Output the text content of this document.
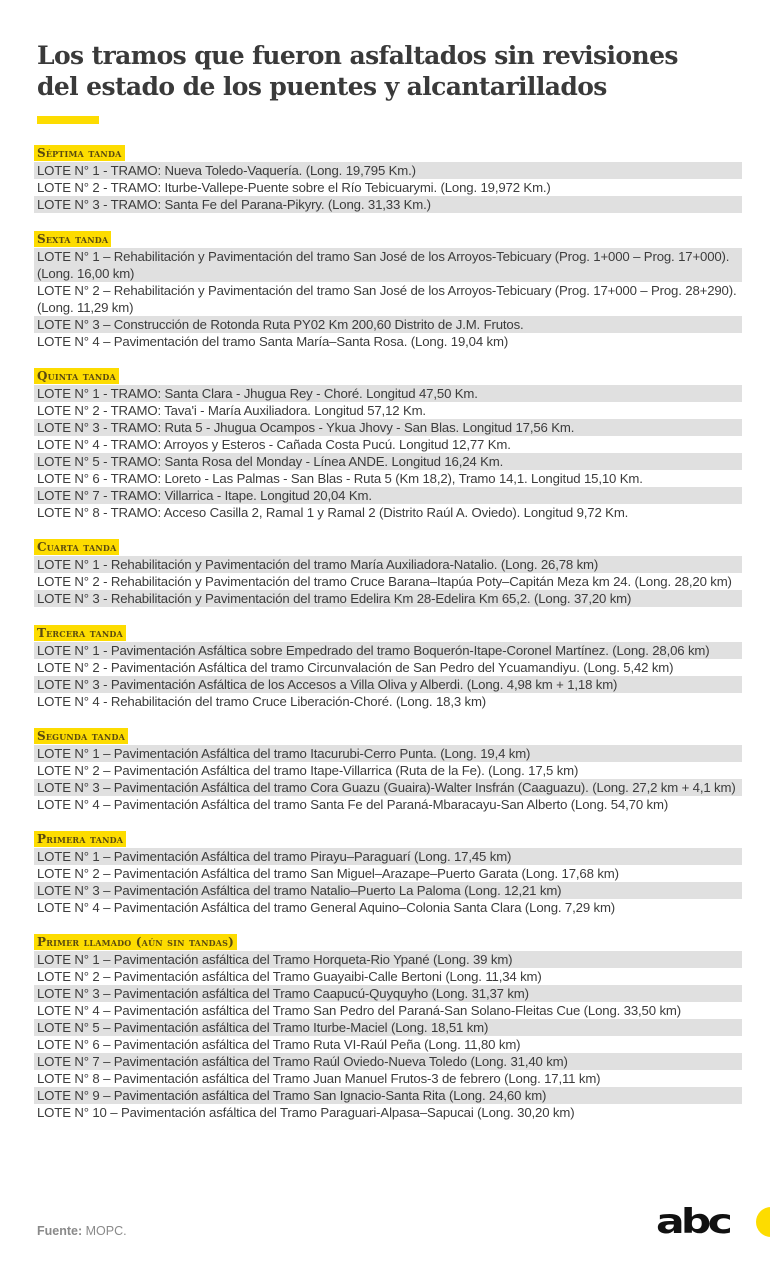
Los tramos que fueron asfaltados sin revisiones
del estado de los puentes y alcantarillados
Séptima tanda
LOTE N° 1 - TRAMO: Nueva Toledo-Vaquería. (Long. 19,795 Km.)
LOTE N° 2 - TRAMO: Iturbe-Vallepe-Puente sobre el Río Tebicuarymi. (Long. 19,972 Km.)
LOTE N° 3 - TRAMO: Santa Fe del Parana-Pikyry. (Long. 31,33 Km.)
Sexta tanda
LOTE N° 1 – Rehabilitación y Pavimentación del tramo San José de los Arroyos-Tebicuary (Prog. 1+000 – Prog. 17+000). (Long. 16,00 km)
LOTE N° 2 – Rehabilitación y Pavimentación del tramo San José de los Arroyos-Tebicuary (Prog. 17+000 – Prog. 28+290). (Long. 11,29 km)
LOTE N° 3 – Construcción de Rotonda Ruta PY02 Km 200,60 Distrito de J.M. Frutos.
LOTE N° 4 – Pavimentación del tramo Santa María–Santa Rosa. (Long. 19,04 km)
Quinta tanda
LOTE N° 1 - TRAMO: Santa Clara - Jhugua Rey - Choré. Longitud 47,50 Km.
LOTE N° 2 - TRAMO: Tava'i - María Auxiliadora. Longitud 57,12 Km.
LOTE N° 3 - TRAMO: Ruta 5 - Jhugua Ocampos - Ykua Jhovy - San Blas. Longitud 17,56 Km.
LOTE N° 4 - TRAMO: Arroyos y Esteros - Cañada Costa Pucú. Longitud 12,77 Km.
LOTE N° 5 - TRAMO: Santa Rosa del Monday - Línea ANDE. Longitud 16,24 Km.
LOTE N° 6 - TRAMO: Loreto - Las Palmas - San Blas - Ruta 5 (Km 18,2), Tramo 14,1. Longitud 15,10 Km.
LOTE N° 7 - TRAMO: Villarrica - Itape. Longitud 20,04 Km.
LOTE N° 8 - TRAMO: Acceso Casilla 2, Ramal 1 y Ramal 2 (Distrito Raúl A. Oviedo). Longitud 9,72 Km.
Cuarta tanda
LOTE N° 1 - Rehabilitación y Pavimentación del tramo María Auxiliadora-Natalio. (Long. 26,78 km)
LOTE N° 2 - Rehabilitación y Pavimentación del tramo Cruce Barana–Itapúa Poty–Capitán Meza km 24. (Long. 28,20 km)
LOTE N° 3 - Rehabilitación y Pavimentación del tramo Edelira Km 28-Edelira Km 65,2. (Long. 37,20 km)
Tercera tanda
LOTE N° 1 - Pavimentación Asfáltica sobre Empedrado del tramo Boquerón-Itape-Coronel Martínez. (Long. 28,06 km)
LOTE N° 2 - Pavimentación Asfáltica del tramo Circunvalación de San Pedro del Ycuamandiyu. (Long. 5,42 km)
LOTE N° 3 - Pavimentación Asfáltica de los Accesos a Villa Oliva y Alberdi. (Long. 4,98 km + 1,18 km)
LOTE N° 4 - Rehabilitación del tramo Cruce Liberación-Choré. (Long. 18,3 km)
Segunda tanda
LOTE N° 1 – Pavimentación Asfáltica del tramo Itacurubi-Cerro Punta. (Long. 19,4 km)
LOTE N° 2 – Pavimentación Asfáltica del tramo Itape-Villarrica (Ruta de la Fe). (Long. 17,5 km)
LOTE N° 3 – Pavimentación Asfáltica del tramo Cora Guazu (Guaira)-Walter Insfrán (Caaguazu). (Long. 27,2 km + 4,1 km)
LOTE N° 4 – Pavimentación Asfáltica del tramo Santa Fe del Paraná-Mbaracayu-San Alberto (Long. 54,70 km)
Primera tanda
LOTE N° 1 – Pavimentación Asfáltica del tramo Pirayu–Paraguarí (Long. 17,45 km)
LOTE N° 2 – Pavimentación Asfáltica del tramo San Miguel–Arazape–Puerto Garata (Long. 17,68 km)
LOTE N° 3 – Pavimentación Asfáltica del tramo Natalio–Puerto La Paloma (Long. 12,21 km)
LOTE N° 4 – Pavimentación Asfáltica del tramo General Aquino–Colonia Santa Clara (Long. 7,29 km)
Primer llamado (aún sin tandas)
LOTE N° 1 – Pavimentación asfáltica del Tramo Horqueta-Rio Ypané (Long. 39 km)
LOTE N° 2 – Pavimentación asfáltica del Tramo Guayaibi-Calle Bertoni (Long. 11,34 km)
LOTE N° 3 – Pavimentación asfáltica del Tramo Caapucú-Quyquyho (Long. 31,37 km)
LOTE N° 4 – Pavimentación asfáltica del Tramo San Pedro del Paraná-San Solano-Fleitas Cue (Long. 33,50 km)
LOTE N° 5 – Pavimentación asfáltica del Tramo Iturbe-Maciel (Long. 18,51 km)
LOTE N° 6 – Pavimentación asfáltica del Tramo Ruta VI-Raúl Peña (Long. 11,80 km)
LOTE N° 7 – Pavimentación asfáltica del Tramo Raúl Oviedo-Nueva Toledo (Long. 31,40 km)
LOTE N° 8 – Pavimentación asfáltica del Tramo Juan Manuel Frutos-3 de febrero (Long. 17,11 km)
LOTE N° 9 – Pavimentación asfáltica del Tramo San Ignacio-Santa Rita (Long. 24,60 km)
LOTE N° 10 – Pavimentación asfáltica del Tramo Paraguari-Alpasa–Sapucai (Long. 30,20 km)
Fuente: MOPC.	abc
